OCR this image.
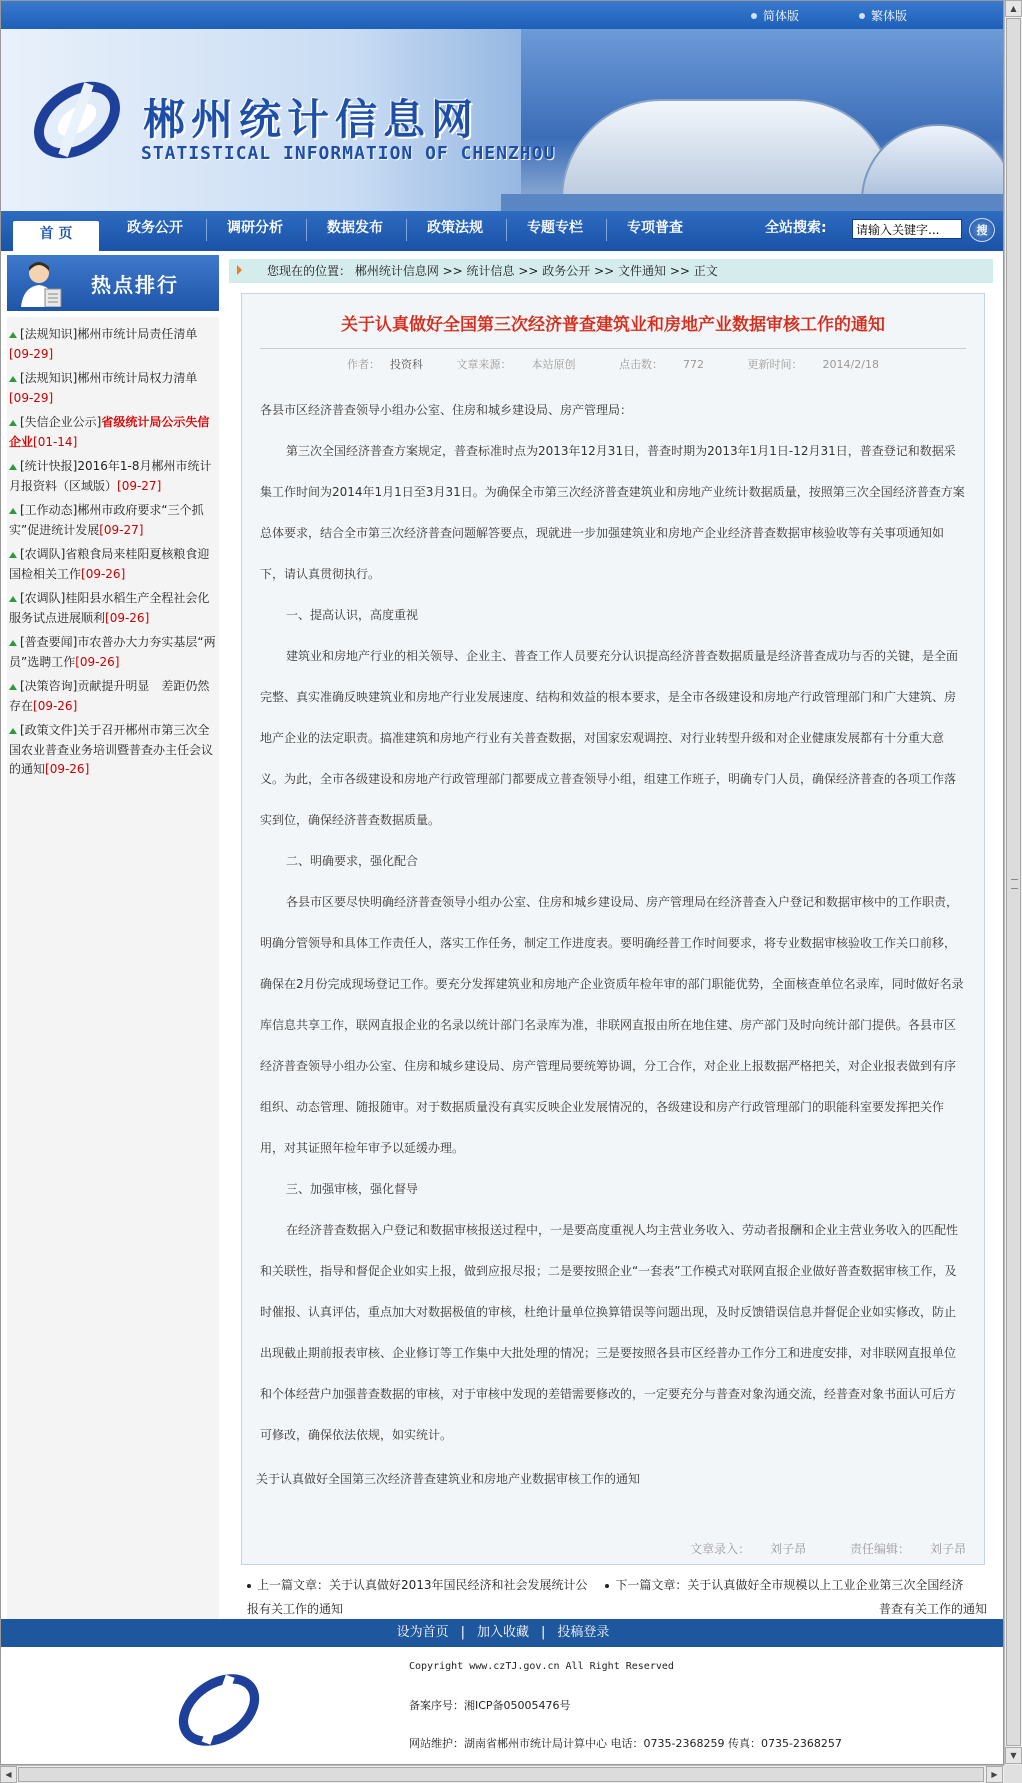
简体版	繁体版
郴州统计信息网
STATISTICAL INFORMATION OF CHENZHOU
首 页	政务公开	调研分析	数据发布	政策法规	专题专栏	专项普查	全站搜索:
请输入关键字...	搜
热点排行
[法规知识]郴州市统计局责任清单
[09-29]
[法规知识]郴州市统计局权力清单
[09-29]
[失信企业公示]省级统计局公示失信企业[01-14]
[统计快报]2016年1-8月郴州市统计月报资料（区域版）[09-27]
[工作动态]郴州市政府要求“三个抓实”促进统计发展[09-27]
[农调队]省粮食局来桂阳夏核粮食迎国检相关工作[09-26]
[农调队]桂阳县水稻生产全程社会化服务试点进展顺利[09-26]
[普查要闻]市农普办大力夯实基层“两员”选聘工作[09-26]
[决策咨询]贡献提升明显　差距仍然存在[09-26]
[政策文件]关于召开郴州市第三次全国农业普查业务培训暨普查办主任会议的通知[09-26]
您现在的位置： 郴州统计信息网 >> 统计信息 >> 政务公开 >> 文件通知 >> 正文
关于认真做好全国第三次经济普查建筑业和房地产业数据审核工作的通知
作者： 投资科	文章来源： 本站原创	点击数： 772	更新时间： 2014/2/18

各县市区经济普查领导小组办公室、住房和城乡建设局、房产管理局：

第三次全国经济普查方案规定，普查标准时点为2013年12月31日，普查时期为2013年1月1日-12月31日，普查登记和数据采集工作时间为2014年1月1日至3月31日。为确保全市第三次经济普查建筑业和房地产业统计数据质量，按照第三次全国经济普查方案总体要求，结合全市第三次经济普查问题解答要点，现就进一步加强建筑业和房地产企业经济普查数据审核验收等有关事项通知如下，请认真贯彻执行。

一、提高认识，高度重视

建筑业和房地产行业的相关领导、企业主、普查工作人员要充分认识提高经济普查数据质量是经济普查成功与否的关键，是全面完整、真实准确反映建筑业和房地产行业发展速度、结构和效益的根本要求，是全市各级建设和房地产行政管理部门和广大建筑、房地产企业的法定职责。搞准建筑和房地产行业有关普查数据，对国家宏观调控、对行业转型升级和对企业健康发展都有十分重大意义。为此，全市各级建设和房地产行政管理部门都要成立普查领导小组，组建工作班子，明确专门人员，确保经济普查的各项工作落实到位，确保经济普查数据质量。

二、明确要求，强化配合

各县市区要尽快明确经济普查领导小组办公室、住房和城乡建设局、房产管理局在经济普查入户登记和数据审核中的工作职责，明确分管领导和具体工作责任人，落实工作任务，制定工作进度表。要明确经普工作时间要求，将专业数据审核验收工作关口前移，确保在2月份完成现场登记工作。要充分发挥建筑业和房地产企业资质年检年审的部门职能优势，全面核查单位名录库，同时做好名录库信息共享工作，联网直报企业的名录以统计部门名录库为准，非联网直报由所在地住建、房产部门及时向统计部门提供。各县市区经济普查领导小组办公室、住房和城乡建设局、房产管理局要统筹协调，分工合作，对企业上报数据严格把关，对企业报表做到有序组织、动态管理、随报随审。对于数据质量没有真实反映企业发展情况的，各级建设和房产行政管理部门的职能科室要发挥把关作用，对其证照年检年审予以延缓办理。

三、加强审核，强化督导

在经济普查数据入户登记和数据审核报送过程中，一是要高度重视人均主营业务收入、劳动者报酬和企业主营业务收入的匹配性和关联性，指导和督促企业如实上报，做到应报尽报；二是要按照企业“一套表”工作模式对联网直报企业做好普查数据审核工作，及时催报、认真评估，重点加大对数据极值的审核，杜绝计量单位换算错误等问题出现，及时反馈错误信息并督促企业如实修改，防止出现截止期前报表审核、企业修订等工作集中大批处理的情况；三是要按照各县市区经普办工作分工和进度安排，对非联网直报单位和个体经营户加强普查数据的审核，对于审核中发现的差错需要修改的，一定要充分与普查对象沟通交流，经普查对象书面认可后方可修改，确保依法依规，如实统计。

关于认真做好全国第三次经济普查建筑业和房地产业数据审核工作的通知
文章录入： 刘子昂	责任编辑： 刘子昂
上一篇文章：关于认真做好2013年国民经济和社会发展统计公 下一篇文章：关于认真做好全市规模以上工业企业第三次全国经济
报有关工作的通知	普查有关工作的通知
设为首页 | 加入收藏 | 投稿登录
Copyright www.czTJ.gov.cn All Right Reserved
备案序号：湘ICP备05005476号
网站维护：湖南省郴州市统计局计算中心 电话：0735-2368259 传真：0735-2368257
▲
▼
◀	▶
